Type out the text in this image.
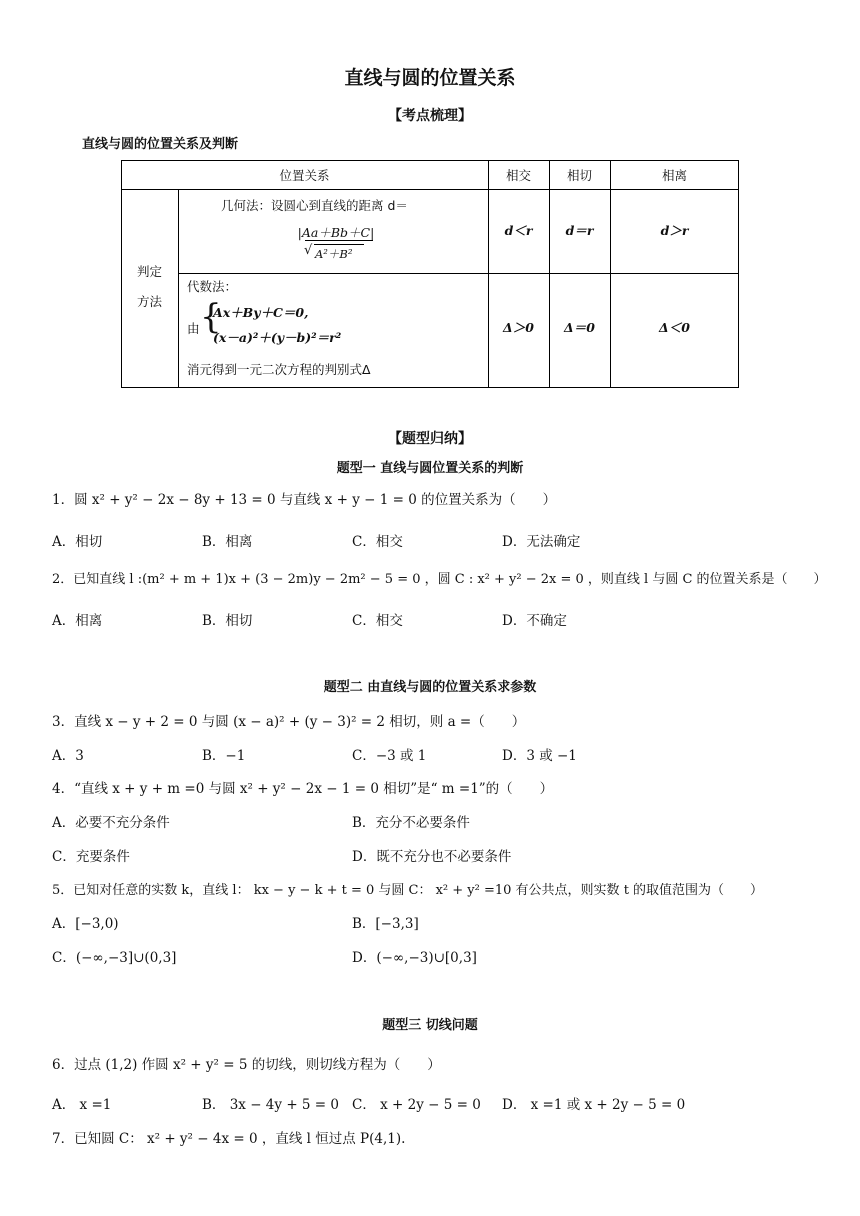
直线与圆的位置关系
【考点梳理】
直线与圆的位置关系及判断
位置关系	相交	相切	相离
判定
方法
几何法：设圆心到直线的距离 d＝
|Aa＋Bb＋C|
√ A²＋B²
d＜r	d＝r	d＞r
代数法：
由 {
Ax＋By＋C＝0,
(x－a)²＋(y－b)²＝r²
消元得到一元二次方程的判别式Δ
Δ＞0	Δ＝0	Δ＜0
【题型归纳】
题型一 直线与圆位置关系的判断
1．圆 x² + y² − 2x − 8y + 13 = 0 与直线 x + y − 1 = 0 的位置关系为（　　）
A．相切	B．相离	C．相交	D．无法确定
2．已知直线 l :(m² + m + 1)x + (3 − 2m)y − 2m² − 5 = 0 ，圆 C : x² + y² − 2x = 0 ，则直线 l 与圆 C 的位置关系是（　　）
A．相离	B．相切	C．相交	D．不确定
题型二 由直线与圆的位置关系求参数
3．直线 x − y + 2 = 0 与圆 (x − a)² + (y − 3)² = 2 相切，则 a =（　　）
A．3	B．−1	C．−3 或 1	D．3 或 −1
4．“直线 x + y + m =0 与圆 x² + y² − 2x − 1 = 0 相切”是“ m =1”的（　　）
A．必要不充分条件	B．充分不必要条件
C．充要条件	D．既不充分也不必要条件
5．已知对任意的实数 k，直线 l： kx − y − k + t = 0 与圆 C： x² + y² =10 有公共点，则实数 t 的取值范围为（　　）
A．[−3,0)	B．[−3,3]
C．(−∞,−3]∪(0,3]	D．(−∞,−3)∪[0,3]
题型三 切线问题
6．过点 (1,2) 作圆 x² + y² = 5 的切线，则切线方程为（　　）
A． x =1	B． 3x − 4y + 5 = 0 C． x + 2y − 5 = 0 D． x =1 或 x + 2y − 5 = 0
7．已知圆 C： x² + y² − 4x = 0 ，直线 l 恒过点 P(4,1).
